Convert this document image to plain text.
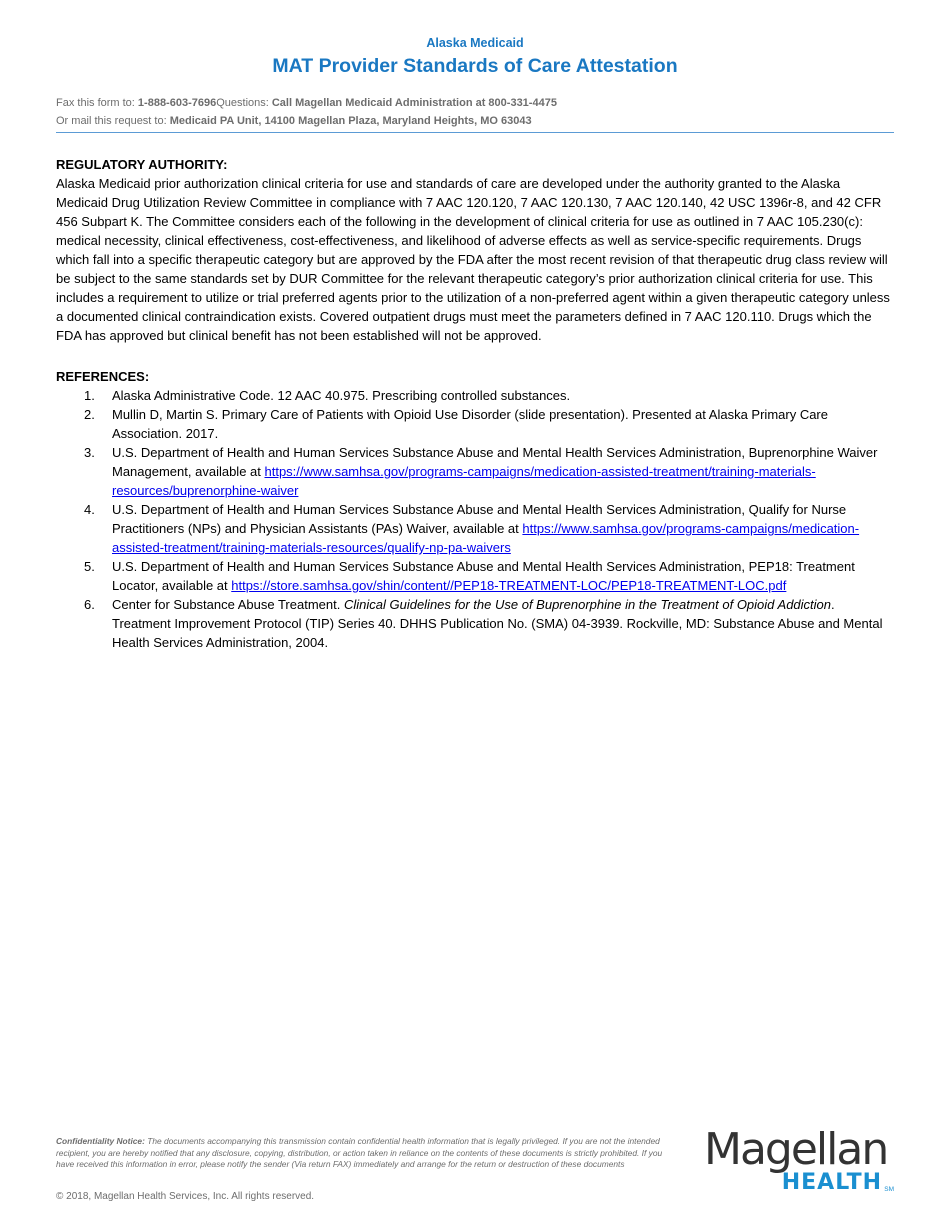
Alaska Medicaid
MAT Provider Standards of Care Attestation
Fax this form to: 1-888-603-7696Questions: Call Magellan Medicaid Administration at 800-331-4475
Or mail this request to: Medicaid PA Unit, 14100 Magellan Plaza, Maryland Heights, MO 63043
REGULATORY AUTHORITY:
Alaska Medicaid prior authorization clinical criteria for use and standards of care are developed under the authority granted to the Alaska Medicaid Drug Utilization Review Committee in compliance with 7 AAC 120.120, 7 AAC 120.130, 7 AAC 120.140, 42 USC 1396r-8, and 42 CFR 456 Subpart K. The Committee considers each of the following in the development of clinical criteria for use as outlined in 7 AAC 105.230(c): medical necessity, clinical effectiveness, cost-effectiveness, and likelihood of adverse effects as well as service-specific requirements. Drugs which fall into a specific therapeutic category but are approved by the FDA after the most recent revision of that therapeutic drug class review will be subject to the same standards set by DUR Committee for the relevant therapeutic category’s prior authorization clinical criteria for use. This includes a requirement to utilize or trial preferred agents prior to the utilization of a non-preferred agent within a given therapeutic category unless a documented clinical contraindication exists. Covered outpatient drugs must meet the parameters defined in 7 AAC 120.110. Drugs which the FDA has approved but clinical benefit has not been established will not be approved.
REFERENCES:
1. Alaska Administrative Code. 12 AAC 40.975. Prescribing controlled substances.
2. Mullin D, Martin S. Primary Care of Patients with Opioid Use Disorder (slide presentation). Presented at Alaska Primary Care Association. 2017.
3. U.S. Department of Health and Human Services Substance Abuse and Mental Health Services Administration, Buprenorphine Waiver Management, available at https://www.samhsa.gov/programs-campaigns/medication-assisted-treatment/training-materials-resources/buprenorphine-waiver
4. U.S. Department of Health and Human Services Substance Abuse and Mental Health Services Administration, Qualify for Nurse Practitioners (NPs) and Physician Assistants (PAs) Waiver, available at https://www.samhsa.gov/programs-campaigns/medication-assisted-treatment/training-materials-resources/qualify-np-pa-waivers
5. U.S. Department of Health and Human Services Substance Abuse and Mental Health Services Administration, PEP18: Treatment Locator, available at https://store.samhsa.gov/shin/content//PEP18-TREATMENT-LOC/PEP18-TREATMENT-LOC.pdf
6. Center for Substance Abuse Treatment. Clinical Guidelines for the Use of Buprenorphine in the Treatment of Opioid Addiction. Treatment Improvement Protocol (TIP) Series 40. DHHS Publication No. (SMA) 04-3939. Rockville, MD: Substance Abuse and Mental Health Services Administration, 2004.
Confidentiality Notice: The documents accompanying this transmission contain confidential health information that is legally privileged. If you are not the intended recipient, you are hereby notified that any disclosure, copying, distribution, or action taken in reliance on the contents of these documents is strictly prohibited. If you have received this information in error, please notify the sender (Via return FAX) immediately and arrange for the return or destruction of these documents
© 2018, Magellan Health Services, Inc. All rights reserved.
Magellan
HEALTH SM
